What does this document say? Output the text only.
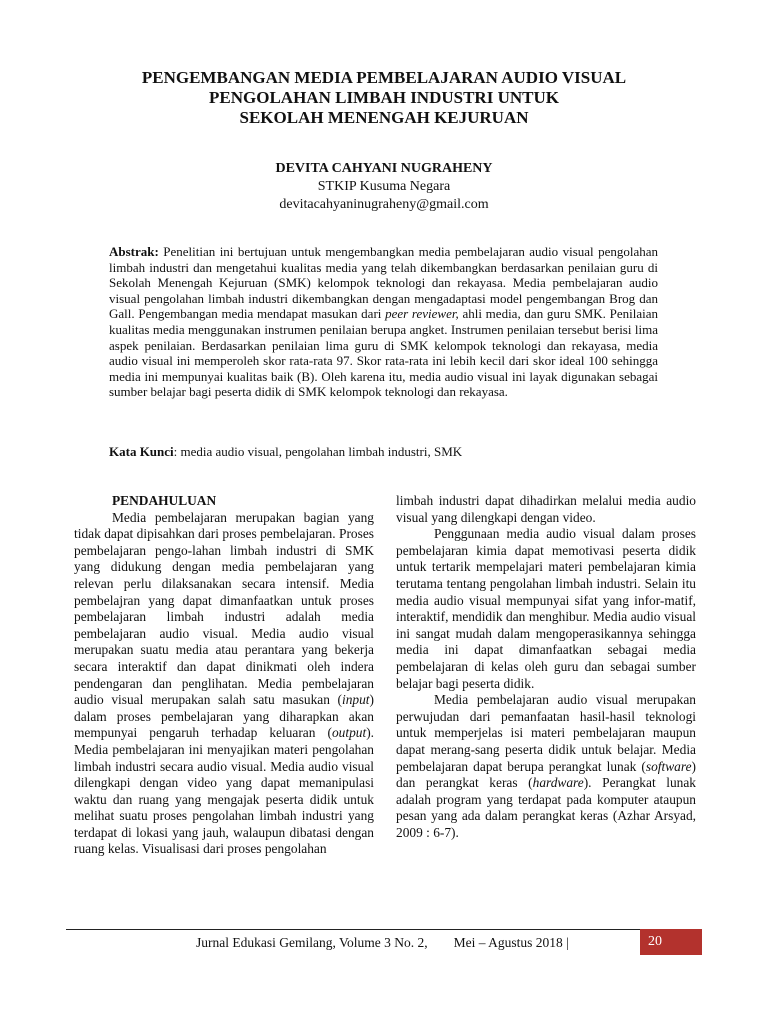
PENGEMBANGAN MEDIA PEMBELAJARAN AUDIO VISUAL
PENGOLAHAN LIMBAH INDUSTRI UNTUK
SEKOLAH MENENGAH KEJURUAN
DEVITA CAHYANI NUGRAHENY
STKIP Kusuma Negara
devitacahyaninugraheny@gmail.com
Abstrak: Penelitian ini bertujuan untuk mengembangkan media pembelajaran audio visual pengolahan limbah industri dan mengetahui kualitas media yang telah dikembangkan berdasarkan penilaian guru di Sekolah Menengah Kejuruan (SMK) kelompok teknologi dan rekayasa. Media pembelajaran audio visual pengolahan limbah industri dikembangkan dengan mengadaptasi model pengembangan Brog dan Gall. Pengembangan media mendapat masukan dari peer reviewer, ahli media, dan guru SMK. Penilaian kualitas media menggunakan instrumen penilaian berupa angket. Instrumen penilaian tersebut berisi lima aspek penilaian. Berdasarkan penilaian lima guru di SMK kelompok teknologi dan rekayasa, media audio visual ini memperoleh skor rata-rata 97. Skor rata-rata ini lebih kecil dari skor ideal 100 sehingga media ini mempunyai kualitas baik (B). Oleh karena itu, media audio visual ini layak digunakan sebagai sumber belajar bagi peserta didik di SMK kelompok teknologi dan rekayasa.
Kata Kunci: media audio visual, pengolahan limbah industri, SMK

PENDAHULUAN

Media pembelajaran merupakan bagian yang tidak dapat dipisahkan dari proses pembelajaran. Proses pembelajaran pengo-lahan limbah industri di SMK yang didukung dengan media pembelajaran yang relevan perlu dilaksanakan secara intensif. Media pembelajran yang dapat dimanfaatkan untuk proses pembelajaran limbah industri adalah media pembelajaran audio visual. Media audio visual merupakan suatu media atau perantara yang bekerja secara interaktif dan dapat dinikmati oleh indera pendengaran dan penglihatan. Media pembelajaran audio visual merupakan salah satu masukan (input) dalam proses pembelajaran yang diharapkan akan mempunyai pengaruh terhadap keluaran (output). Media pembelajaran ini menyajikan materi pengolahan limbah industri secara audio visual. Media audio visual dilengkapi dengan video yang dapat memanipulasi waktu dan ruang yang mengajak peserta didik untuk melihat suatu proses pengolahan limbah industri yang terdapat di lokasi yang jauh, walaupun dibatasi dengan ruang kelas. Visualisasi dari proses pengolahan

limbah industri dapat dihadirkan melalui media audio visual yang dilengkapi dengan video.

Penggunaan media audio visual dalam proses pembelajaran kimia dapat memotivasi peserta didik untuk tertarik mempelajari materi pembelajaran kimia terutama tentang pengolahan limbah industri. Selain itu media audio visual mempunyai sifat yang infor-matif, interaktif, mendidik dan menghibur. Media audio visual ini sangat mudah dalam mengoperasikannya sehingga media ini dapat dimanfaatkan sebagai media pembelajaran di kelas oleh guru dan sebagai sumber belajar bagi peserta didik.

Media pembelajaran audio visual merupakan perwujudan dari pemanfaatan hasil-hasil teknologi untuk memperjelas isi materi pembelajaran maupun dapat merang-sang peserta didik untuk belajar. Media pembelajaran dapat berupa perangkat lunak (software) dan perangkat keras (hardware). Perangkat lunak adalah program yang terdapat pada komputer ataupun pesan yang ada dalam perangkat keras (Azhar Arsyad, 2009 : 6-7).

Jurnal Edukasi Gemilang, Volume 3 No. 2, Mei – Agustus 2018 |	20
